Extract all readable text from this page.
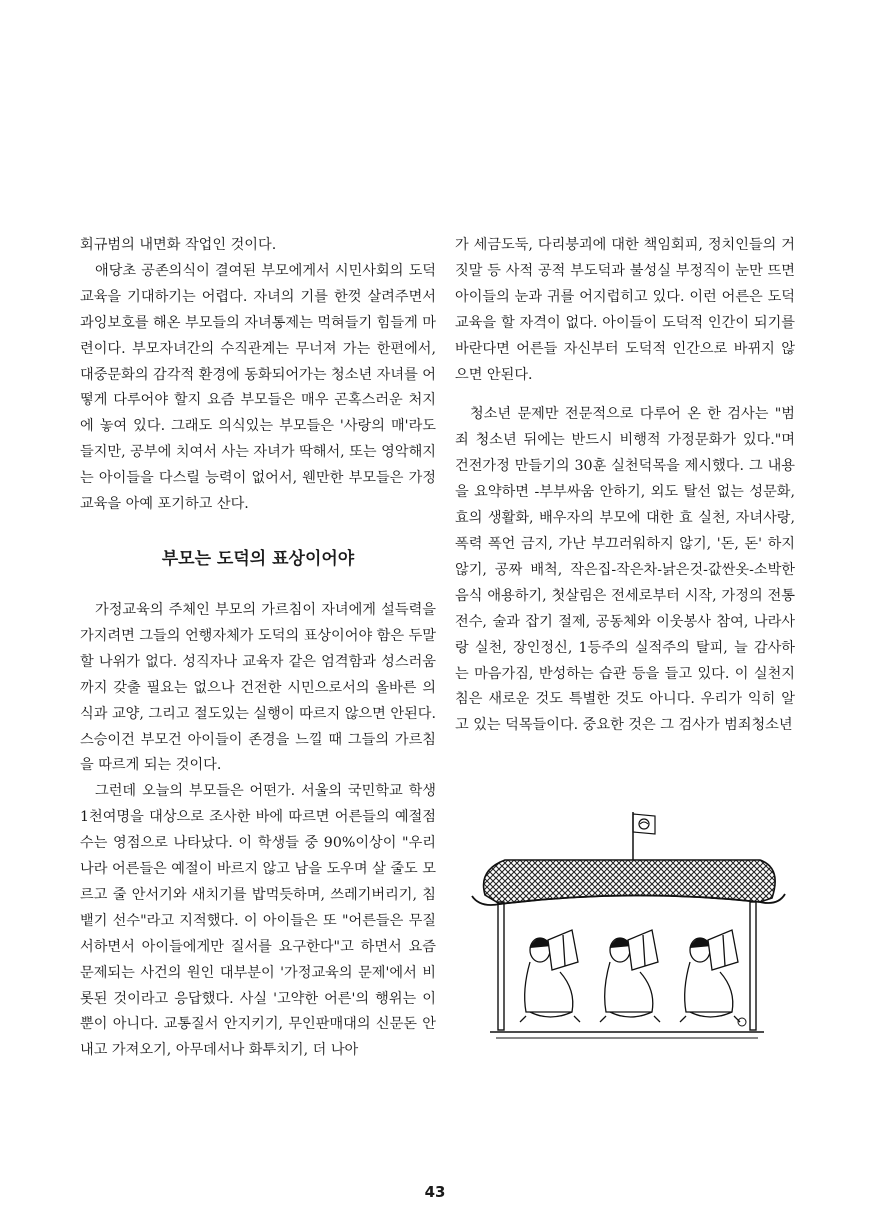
회규범의 내면화 작업인 것이다.

애당초 공존의식이 결여된 부모에게서 시민사회의 도덕교육을 기대하기는 어렵다. 자녀의 기를 한껏 살려주면서 과잉보호를 해온 부모들의 자녀통제는 먹혀들기 힘들게 마련이다. 부모자녀간의 수직관계는 무너져 가는 한편에서, 대중문화의 감각적 환경에 동화되어가는 청소년 자녀를 어떻게 다루어야 할지 요즘 부모들은 매우 곤혹스러운 처지에 놓여 있다. 그래도 의식있는 부모들은 '사랑의 매'라도 들지만, 공부에 치여서 사는 자녀가 딱해서, 또는 영악해지는 아이들을 다스릴 능력이 없어서, 웬만한 부모들은 가정교육을 아예 포기하고 산다.

부모는 도덕의 표상이어야

가정교육의 주체인 부모의 가르침이 자녀에게 설득력을 가지려면 그들의 언행자체가 도덕의 표상이어야 함은 두말할 나위가 없다. 성직자나 교육자 같은 엄격함과 성스러움까지 갖출 필요는 없으나 건전한 시민으로서의 올바른 의식과 교양, 그리고 절도있는 실행이 따르지 않으면 안된다. 스승이건 부모건 아이들이 존경을 느낄 때 그들의 가르침을 따르게 되는 것이다.

그런데 오늘의 부모들은 어떤가. 서울의 국민학교 학생 1천여명을 대상으로 조사한 바에 따르면 어른들의 예절점수는 영점으로 나타났다. 이 학생들 중 90%이상이 "우리나라 어른들은 예절이 바르지 않고 남을 도우며 살 줄도 모르고 줄 안서기와 새치기를 밥먹듯하며, 쓰레기버리기, 침뱉기 선수"라고 지적했다. 이 아이들은 또 "어른들은 무질서하면서 아이들에게만 질서를 요구한다"고 하면서 요즘 문제되는 사건의 원인 대부분이 '가정교육의 문제'에서 비롯된 것이라고 응답했다. 사실 '고약한 어른'의 행위는 이뿐이 아니다. 교통질서 안지키기, 무인판매대의 신문돈 안내고 가져오기, 아무데서나 화투치기, 더 나아

가 세금도둑, 다리붕괴에 대한 책임회피, 정치인들의 거짓말 등 사적 공적 부도덕과 불성실 부정직이 눈만 뜨면 아이들의 눈과 귀를 어지럽히고 있다. 이런 어른은 도덕교육을 할 자격이 없다. 아이들이 도덕적 인간이 되기를 바란다면 어른들 자신부터 도덕적 인간으로 바뀌지 않으면 안된다.

청소년 문제만 전문적으로 다루어 온 한 검사는 "범죄 청소년 뒤에는 반드시 비행적 가정문화가 있다."며 건전가정 만들기의 30훈 실천덕목을 제시했다. 그 내용을 요약하면 -부부싸움 안하기, 외도 탈선 없는 성문화, 효의 생활화, 배우자의 부모에 대한 효 실천, 자녀사랑, 폭력 폭언 금지, 가난 부끄러워하지 않기, '돈, 돈' 하지 않기, 공짜 배척, 작은집-작은차-낡은것-값싼옷-소박한 음식 애용하기, 첫살림은 전세로부터 시작, 가정의 전통전수, 술과 잡기 절제, 공동체와 이웃봉사 참여, 나라사랑 실천, 장인정신, 1등주의 실적주의 탈피, 늘 감사하는 마음가짐, 반성하는 습관 등을 들고 있다. 이 실천지침은 새로운 것도 특별한 것도 아니다. 우리가 익히 알고 있는 덕목들이다. 중요한 것은 그 검사가 범죄청소년

43
